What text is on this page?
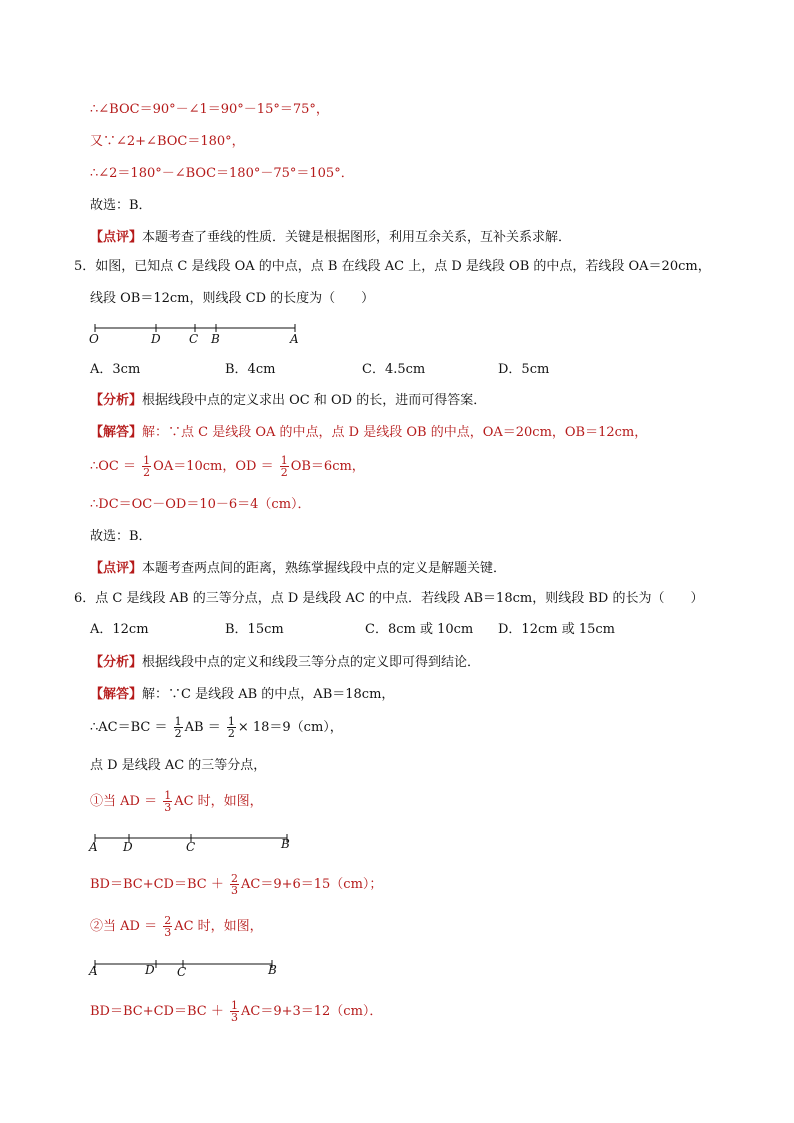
∴∠BOC＝90°－∠1＝90°－15°＝75°，
又∵∠2+∠BOC＝180°，
∴∠2＝180°－∠BOC＝180°－75°＝105°．
故选：B．
【点评】本题考查了垂线的性质．关键是根据图形，利用互余关系，互补关系求解．
5．如图，已知点 C 是线段 OA 的中点，点 B 在线段 AC 上，点 D 是线段 OB 的中点，若线段 OA＝20cm，
线段 OB＝12cm，则线段 CD 的长度为（　　）
O	D C B	A
A．3cm	B．4cm	C．4.5cm	D．5cm
【分析】根据线段中点的定义求出 OC 和 OD 的长，进而可得答案．
【解答】解：∵点 C 是线段 OA 的中点，点 D 是线段 OB 的中点，OA＝20cm，OB＝12cm，
∴OC ＝ $\frac{1}{2} OA=10cm$，OD ＝ $\frac{1}{2} OB=6cm$，
∴DC＝OC－OD＝10－6＝4（cm）．
故选：B．
【点评】本题考查两点间的距离，熟练掌握线段中点的定义是解题关键．
6．点 C 是线段 AB 的三等分点，点 D 是线段 AC 的中点．若线段 AB＝18cm，则线段 BD 的长为（　　）
A．12cm	B．15cm	C．8cm 或 10cm D．12cm 或 15cm
【分析】根据线段中点的定义和线段三等分点的定义即可得到结论．
【解答】解：∵C 是线段 AB 的中点，AB＝18cm，
∴AC＝BC ＝ $\frac{1}{2}$ AB ＝ $\frac{1}{2} \times 18=9(cm)$，
点 D 是线段 AC 的三等分点，
①当 AD ＝ $\frac{1}{3}$ AC 时，如图，
A D	C	B
$BD=BC+CD=BC + \frac{2}{3} AC=9+6=15(cm)$；
②当 AD ＝ $\frac{2}{3}$ AC 时，如图，
A	D C	B
$BD=BC+CD=BC + \frac{1}{3} AC=9+3=12(cm)$．
